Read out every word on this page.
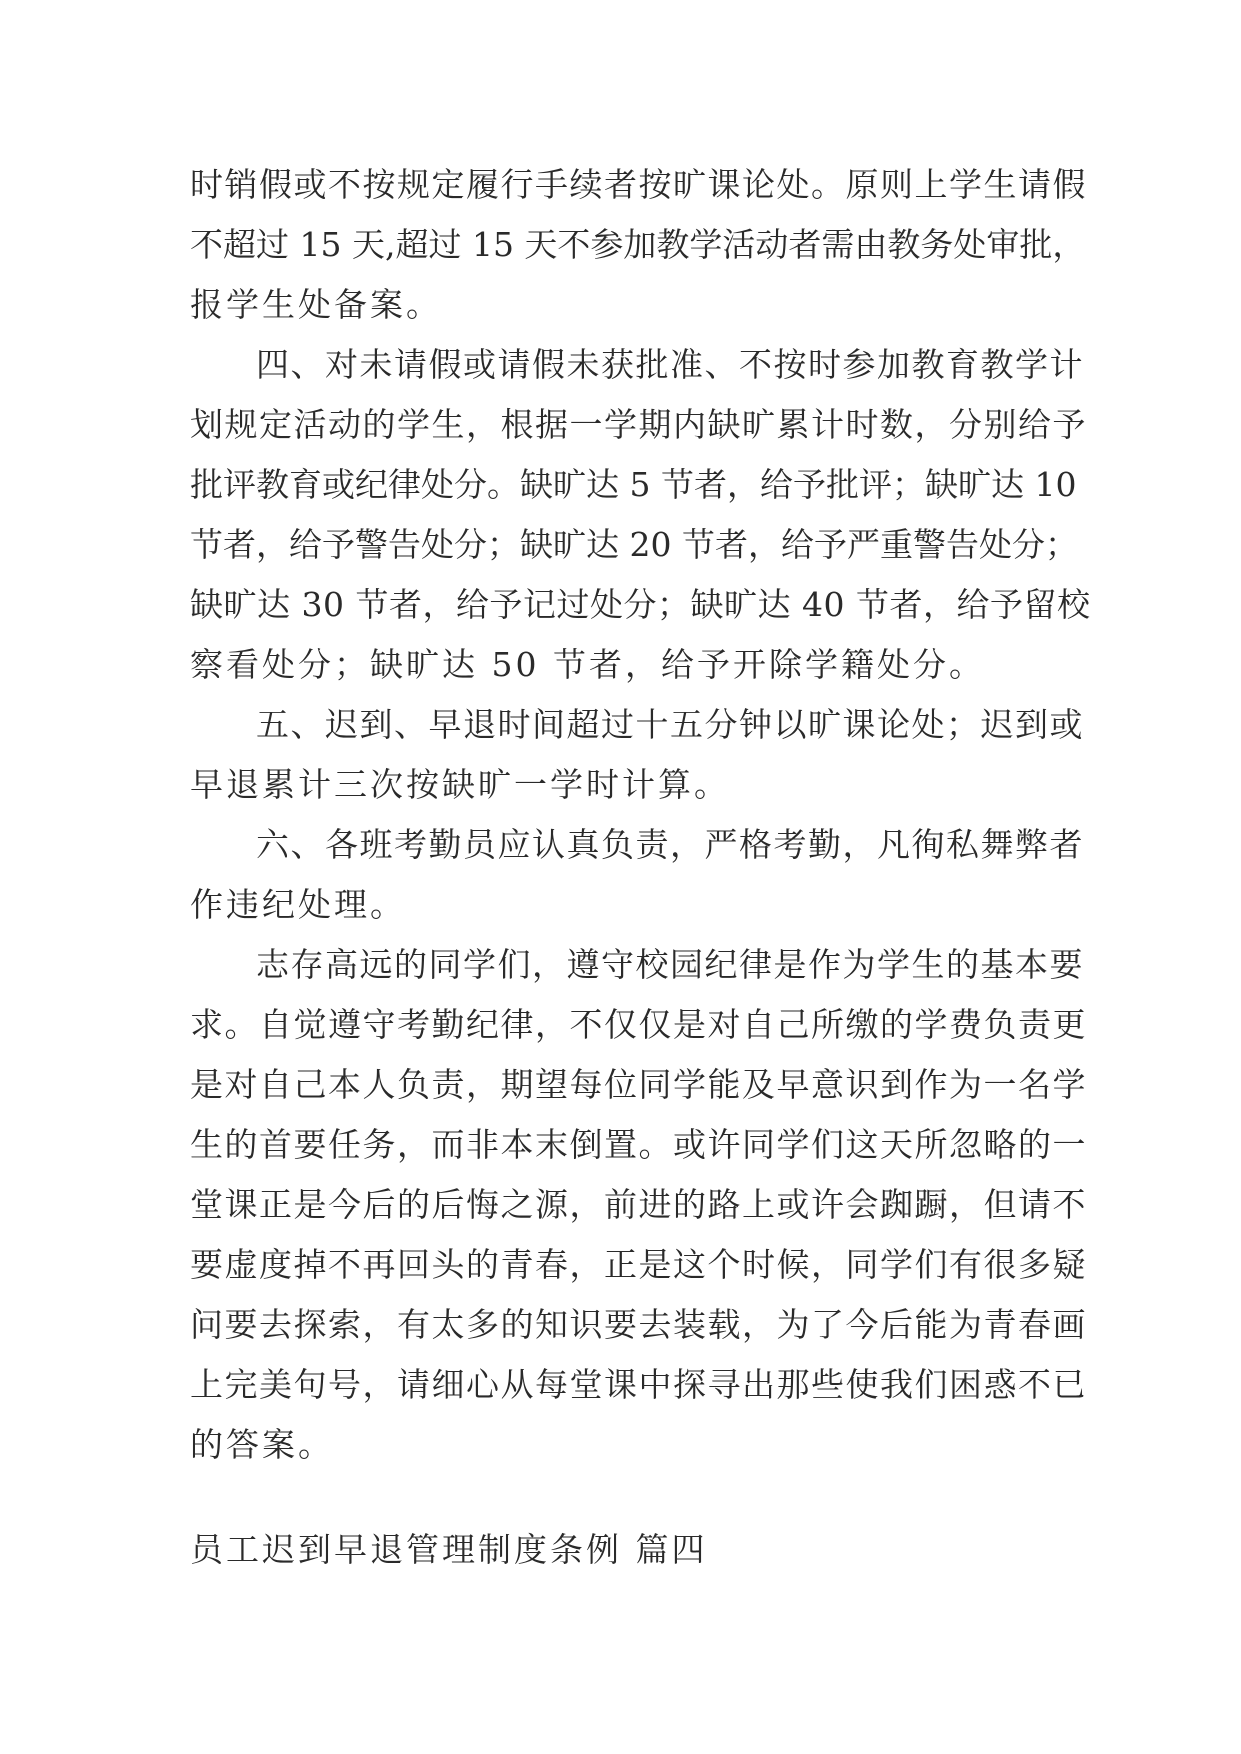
时销假或不按规定履行手续者按旷课论处。原则上学生请假
不超过 15 天,超过 15 天不参加教学活动者需由教务处审批，
报学生处备案。
四、对未请假或请假未获批准、不按时参加教育教学计
划规定活动的学生，根据一学期内缺旷累计时数，分别给予
批评教育或纪律处分。缺旷达 5 节者，给予批评；缺旷达 10
节者，给予警告处分；缺旷达 20 节者，给予严重警告处分；
缺旷达 30 节者，给予记过处分；缺旷达 40 节者，给予留校
察看处分；缺旷达 50 节者，给予开除学籍处分。
五、迟到、早退时间超过十五分钟以旷课论处；迟到或
早退累计三次按缺旷一学时计算。
六、各班考勤员应认真负责，严格考勤，凡徇私舞弊者
作违纪处理。
志存高远的同学们，遵守校园纪律是作为学生的基本要
求。自觉遵守考勤纪律，不仅仅是对自己所缴的学费负责更
是对自己本人负责，期望每位同学能及早意识到作为一名学
生的首要任务，而非本末倒置。或许同学们这天所忽略的一
堂课正是今后的后悔之源，前进的路上或许会踟蹰，但请不
要虚度掉不再回头的青春，正是这个时候，同学们有很多疑
问要去探索，有太多的知识要去装载，为了今后能为青春画
上完美句号，请细心从每堂课中探寻出那些使我们困惑不已
的答案。
员工迟到早退管理制度条例 篇四
